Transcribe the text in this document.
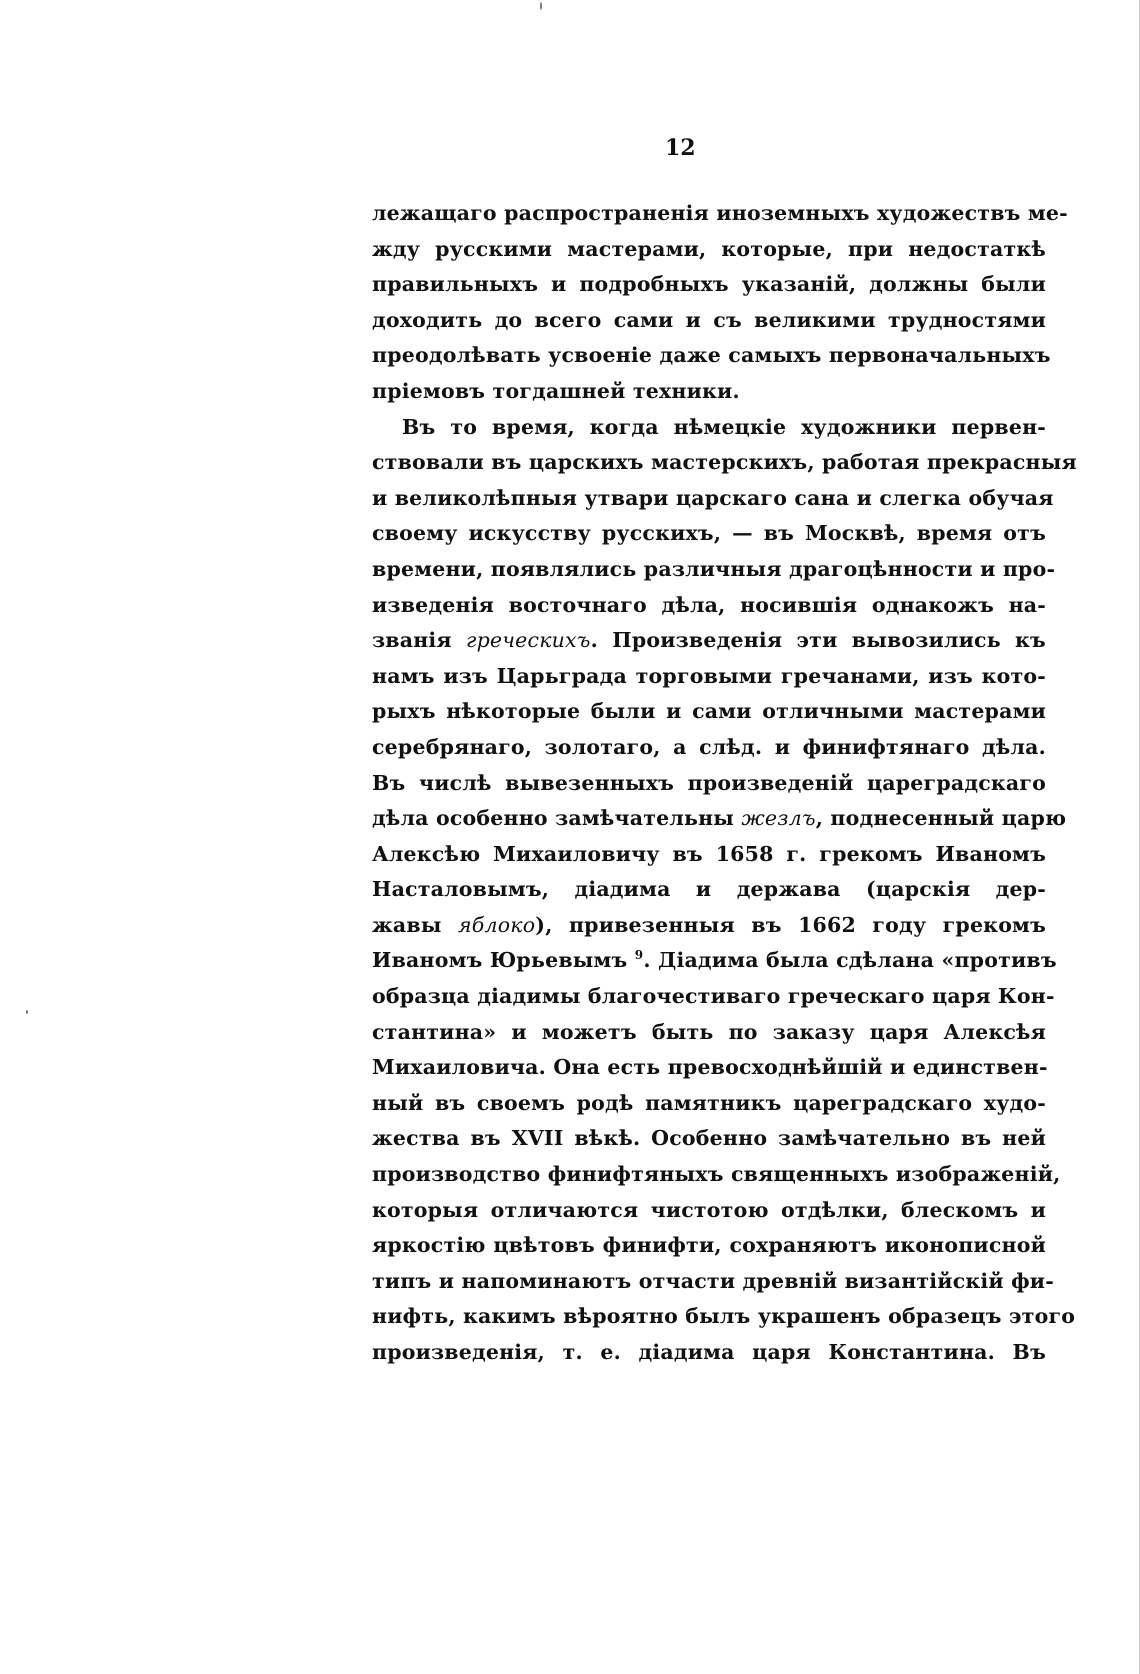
12
лежащаго распространенія иноземныхъ художествъ ме-
жду русскими мастерами, которые, при недостаткѣ
правильныхъ и подробныхъ указаній, должны были
доходить до всего сами и съ великими трудностями
преодолѣвать усвоеніе даже самыхъ первоначальныхъ
пріемовъ тогдашней техники.
Въ то время, когда нѣмецкіе художники первен-
ствовали въ царскихъ мастерскихъ, работая прекрасныя
и великолѣпныя утвари царскаго сана и слегка обучая
своему искусству русскихъ, — въ Москвѣ, время отъ
времени, появлялись различныя драгоцѣнности и про-
изведенія восточнаго дѣла, носившія однакожъ на-
званія греческихъ. Произведенія эти вывозились къ
намъ изъ Царьграда торговыми гречанами, изъ кото-
рыхъ нѣкоторые были и сами отличными мастерами
серебрянаго, золотаго, а слѣд. и финифтянаго дѣла.
Въ числѣ вывезенныхъ произведеній цареградскаго
дѣла особенно замѣчательны жезлъ, поднесенный царю
Алексѣю Михаиловичу въ 1658 г. грекомъ Иваномъ
Насталовымъ, діадима и держава (царскія дер-
жавы яблоко), привезенныя въ 1662 году грекомъ
Иваномъ Юрьевымъ $^9$. Діадима была сдѣлана «противъ
образца діадимы благочестиваго греческаго царя Кон-
стантина» и можетъ быть по заказу царя Алексѣя
Михаиловича. Она есть превосходнѣйшій и единствен-
ный въ своемъ родѣ памятникъ цареградскаго худо-
жества въ XVII вѣкѣ. Особенно замѣчательно въ ней
производство финифтяныхъ священныхъ изображеній,
которыя отличаются чистотою отдѣлки, блескомъ и
яркостію цвѣтовъ финифти, сохраняютъ иконописной
типъ и напоминаютъ отчасти древній византійскій фи-
нифть, какимъ вѣроятно былъ украшенъ образецъ этого
произведенія, т. е. діадима царя Константина. Въ
